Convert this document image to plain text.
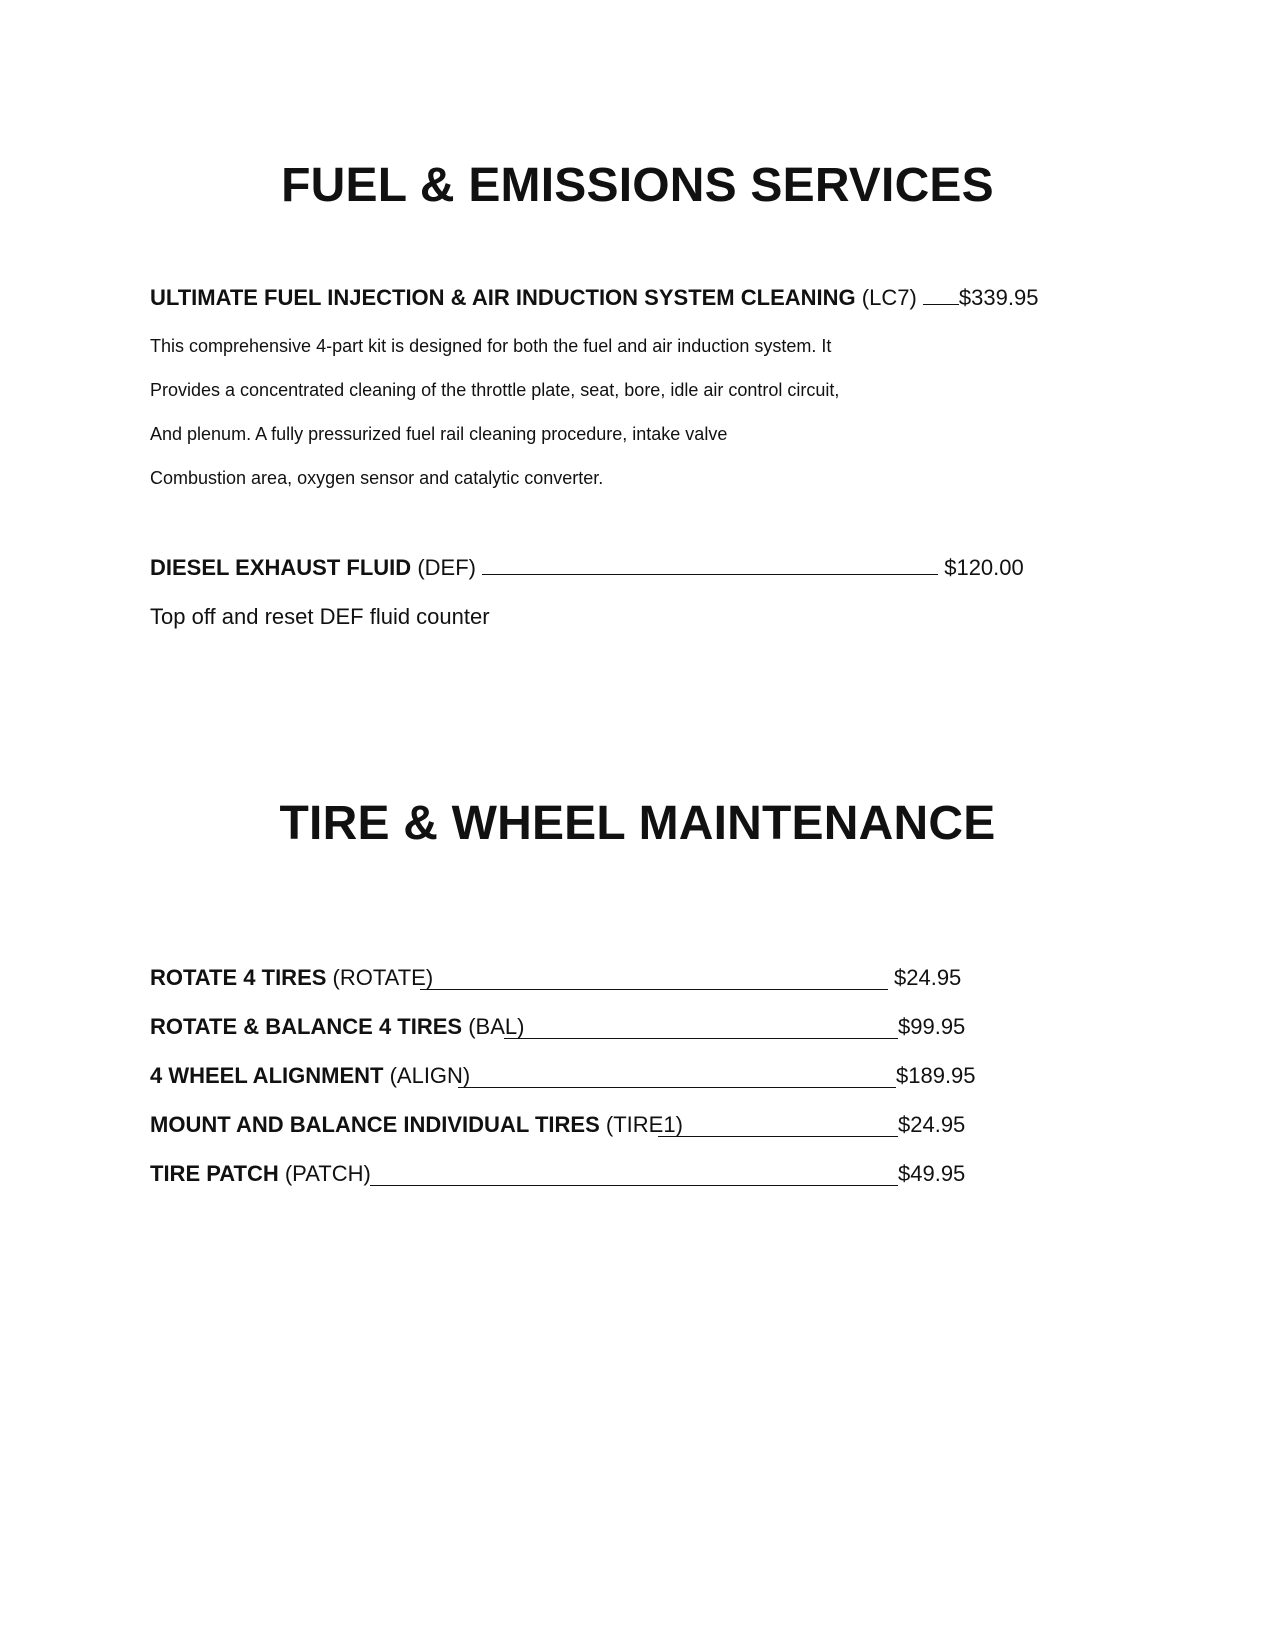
FUEL & EMISSIONS SERVICES
ULTIMATE FUEL INJECTION & AIR INDUCTION SYSTEM CLEANING (LC7) $339.95
This comprehensive 4-part kit is designed for both the fuel and air induction system. It
Provides a concentrated cleaning of the throttle plate, seat, bore, idle air control circuit,
And plenum. A fully pressurized fuel rail cleaning procedure, intake valve
Combustion area, oxygen sensor and catalytic converter.
DIESEL EXHAUST FLUID (DEF)	$120.00
Top off and reset DEF fluid counter
TIRE & WHEEL MAINTENANCE
ROTATE 4 TIRES (ROTATE)	$24.95
ROTATE & BALANCE 4 TIRES (BAL)	$99.95
4 WHEEL ALIGNMENT (ALIGN)	$189.95
MOUNT AND BALANCE INDIVIDUAL TIRES (TIRE1)	$24.95
TIRE PATCH (PATCH)	$49.95
